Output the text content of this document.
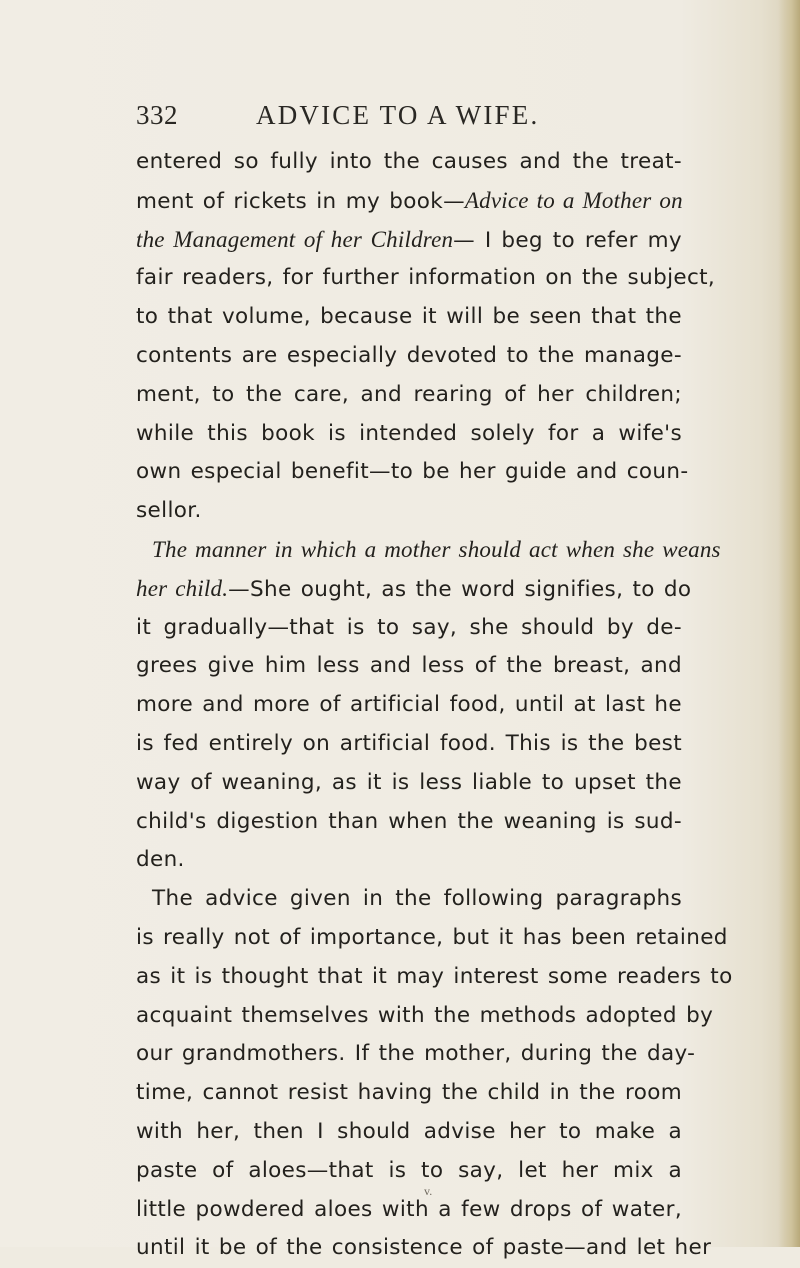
332	ADVICE TO A WIFE.
entered so fully into the causes and the treat-
ment of rickets in my book—Advice to a Mother on
the Management of her Children— I beg to refer my
fair readers, for further information on the subject,
to that volume, because it will be seen that the
contents are especially devoted to the manage-
ment, to the care, and rearing of her children;
while this book is intended solely for a wife's
own especial benefit—to be her guide and coun-
sellor.
The manner in which a mother should act when she weans
her child.—She ought, as the word signifies, to do
it gradually—that is to say, she should by de-
grees give him less and less of the breast, and
more and more of artificial food, until at last he
is fed entirely on artificial food. This is the best
way of weaning, as it is less liable to upset the
child's digestion than when the weaning is sud-
den.
The advice given in the following paragraphs
is really not of importance, but it has been retained
as it is thought that it may interest some readers to
acquaint themselves with the methods adopted by
our grandmothers. If the mother, during the day-
time, cannot resist having the child in the room
with her, then I should advise her to make a
paste of aloes—that is to say, let her mix a
little powdered aloes with a few drops of water,
until it be of the consistence of paste—and let her
v.
